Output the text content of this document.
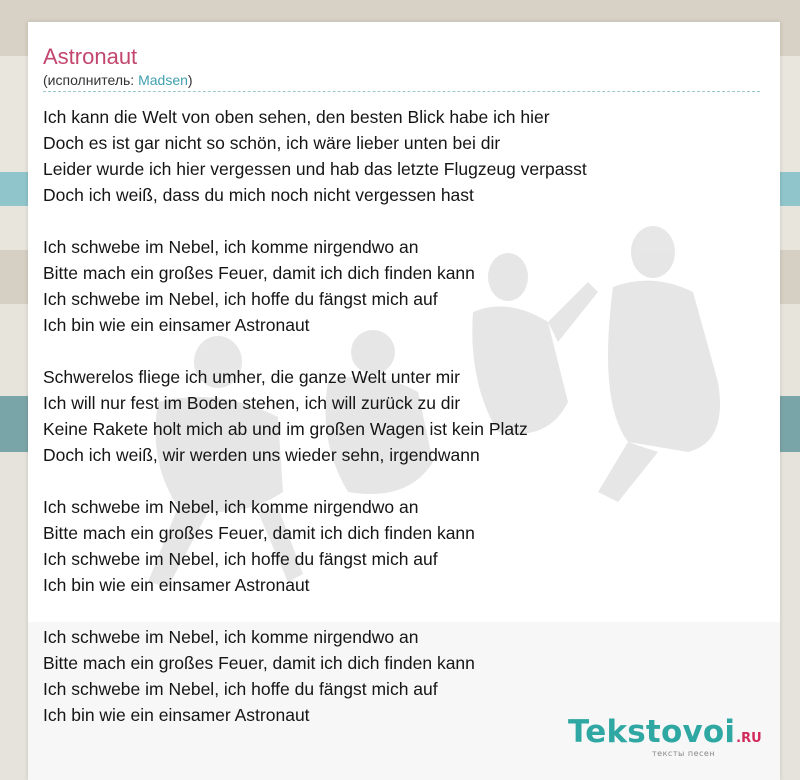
Astronaut
(исполнитель: Madsen)
Ich kann die Welt von oben sehen, den besten Blick habe ich hier
Doch es ist gar nicht so schön, ich wäre lieber unten bei dir
Leider wurde ich hier vergessen und hab das letzte Flugzeug verpasst
Doch ich weiß, dass du mich noch nicht vergessen hast
Ich schwebe im Nebel, ich komme nirgendwo an
Bitte mach ein großes Feuer, damit ich dich finden kann
Ich schwebe im Nebel, ich hoffe du fängst mich auf
Ich bin wie ein einsamer Astronaut
Schwerelos fliege ich umher, die ganze Welt unter mir
Ich will nur fest im Boden stehen, ich will zurück zu dir
Keine Rakete holt mich ab und im großen Wagen ist kein Platz
Doch ich weiß, wir werden uns wieder sehn, irgendwann
Ich schwebe im Nebel, ich komme nirgendwo an
Bitte mach ein großes Feuer, damit ich dich finden kann
Ich schwebe im Nebel, ich hoffe du fängst mich auf
Ich bin wie ein einsamer Astronaut
Ich schwebe im Nebel, ich komme nirgendwo an
Bitte mach ein großes Feuer, damit ich dich finden kann
Ich schwebe im Nebel, ich hoffe du fängst mich auf
Ich bin wie ein einsamer Astronaut	Tekstovoi.RU
тексты песен
